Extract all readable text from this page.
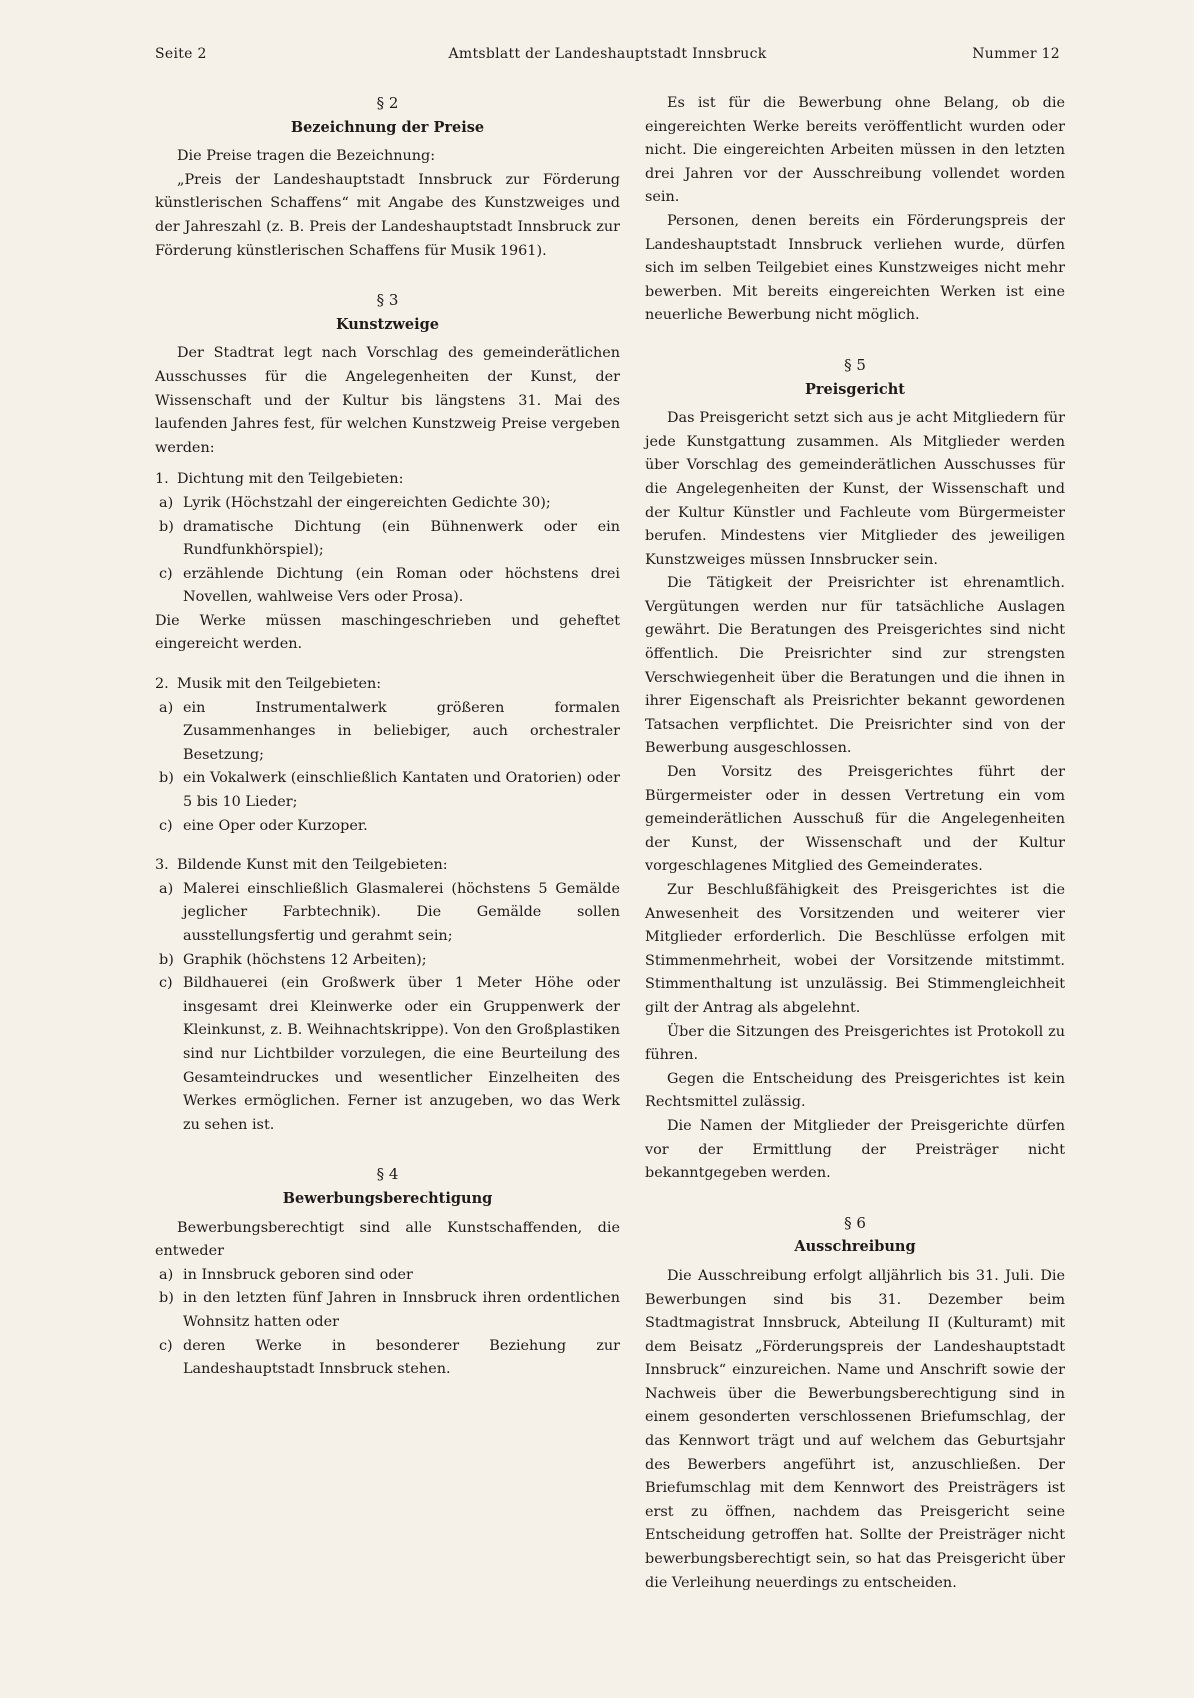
Seite 2	Amtsblatt der Landeshauptstadt Innsbruck	Nummer 12
§ 2
Bezeichnung der Preise

Die Preise tragen die Bezeichnung:

„Preis der Landeshauptstadt Innsbruck zur Förderung künstlerischen Schaffens“ mit Angabe des Kunstzweiges und der Jahreszahl (z. B. Preis der Landeshauptstadt Innsbruck zur Förderung künstlerischen Schaffens für Musik 1961).

§ 3
Kunstzweige

Der Stadtrat legt nach Vorschlag des gemeinderätlichen Ausschusses für die Angelegenheiten der Kunst, der Wissenschaft und der Kultur bis längstens 31. Mai des laufenden Jahres fest, für welchen Kunstzweig Preise vergeben werden:

1. Dichtung mit den Teilgebieten:
a) Lyrik (Höchstzahl der eingereichten Gedichte 30);
b) dramatische Dichtung (ein Bühnenwerk oder ein Rundfunkhörspiel);
c) erzählende Dichtung (ein Roman oder höchstens drei Novellen, wahlweise Vers oder Prosa).

Die Werke müssen maschingeschrieben und geheftet eingereicht werden.

2. Musik mit den Teilgebieten:
a) ein Instrumentalwerk größeren formalen Zusammenhanges in beliebiger, auch orchestraler Besetzung;
b) ein Vokalwerk (einschließlich Kantaten und Oratorien) oder 5 bis 10 Lieder;
c) eine Oper oder Kurzoper.
3. Bildende Kunst mit den Teilgebieten:
a) Malerei einschließlich Glasmalerei (höchstens 5 Gemälde jeglicher Farbtechnik). Die Gemälde sollen ausstellungsfertig und gerahmt sein;
b) Graphik (höchstens 12 Arbeiten);
c) Bildhauerei (ein Großwerk über 1 Meter Höhe oder insgesamt drei Kleinwerke oder ein Gruppenwerk der Kleinkunst, z. B. Weihnachtskrippe). Von den Großplastiken sind nur Lichtbilder vorzulegen, die eine Beurteilung des Gesamteindruckes und wesentlicher Einzelheiten des Werkes ermöglichen. Ferner ist anzugeben, wo das Werk zu sehen ist.
§ 4
Bewerbungsberechtigung

Bewerbungsberechtigt sind alle Kunstschaffenden, die entweder

a) in Innsbruck geboren sind oder
b) in den letzten fünf Jahren in Innsbruck ihren ordentlichen Wohnsitz hatten oder
c) deren Werke in besonderer Beziehung zur Landeshauptstadt Innsbruck stehen.

Es ist für die Bewerbung ohne Belang, ob die eingereichten Werke bereits veröffentlicht wurden oder nicht. Die eingereichten Arbeiten müssen in den letzten drei Jahren vor der Ausschreibung vollendet worden sein.

Personen, denen bereits ein Förderungspreis der Landeshauptstadt Innsbruck verliehen wurde, dürfen sich im selben Teilgebiet eines Kunstzweiges nicht mehr bewerben. Mit bereits eingereichten Werken ist eine neuerliche Bewerbung nicht möglich.

§ 5
Preisgericht

Das Preisgericht setzt sich aus je acht Mitgliedern für jede Kunstgattung zusammen. Als Mitglieder werden über Vorschlag des gemeinderätlichen Ausschusses für die Angelegenheiten der Kunst, der Wissenschaft und der Kultur Künstler und Fachleute vom Bürgermeister berufen. Mindestens vier Mitglieder des jeweiligen Kunstzweiges müssen Innsbrucker sein.

Die Tätigkeit der Preisrichter ist ehrenamtlich. Vergütungen werden nur für tatsächliche Auslagen gewährt. Die Beratungen des Preisgerichtes sind nicht öffentlich. Die Preisrichter sind zur strengsten Verschwiegenheit über die Beratungen und die ihnen in ihrer Eigenschaft als Preisrichter bekannt gewordenen Tatsachen verpflichtet. Die Preisrichter sind von der Bewerbung ausgeschlossen.

Den Vorsitz des Preisgerichtes führt der Bürgermeister oder in dessen Vertretung ein vom gemeinderätlichen Ausschuß für die Angelegenheiten der Kunst, der Wissenschaft und der Kultur vorgeschlagenes Mitglied des Gemeinderates.

Zur Beschlußfähigkeit des Preisgerichtes ist die Anwesenheit des Vorsitzenden und weiterer vier Mitglieder erforderlich. Die Beschlüsse erfolgen mit Stimmenmehrheit, wobei der Vorsitzende mitstimmt. Stimmenthaltung ist unzulässig. Bei Stimmengleichheit gilt der Antrag als abgelehnt.

Über die Sitzungen des Preisgerichtes ist Protokoll zu führen.

Gegen die Entscheidung des Preisgerichtes ist kein Rechtsmittel zulässig.

Die Namen der Mitglieder der Preisgerichte dürfen vor der Ermittlung der Preisträger nicht bekanntgegeben werden.

§ 6
Ausschreibung

Die Ausschreibung erfolgt alljährlich bis 31. Juli. Die Bewerbungen sind bis 31. Dezember beim Stadtmagistrat Innsbruck, Abteilung II (Kulturamt) mit dem Beisatz „Förderungspreis der Landeshauptstadt Innsbruck“ einzureichen. Name und Anschrift sowie der Nachweis über die Bewerbungsberechtigung sind in einem gesonderten verschlossenen Briefumschlag, der das Kennwort trägt und auf welchem das Geburtsjahr des Bewerbers angeführt ist, anzuschließen. Der Briefumschlag mit dem Kennwort des Preisträgers ist erst zu öffnen, nachdem das Preisgericht seine Entscheidung getroffen hat. Sollte der Preisträger nicht bewerbungsberechtigt sein, so hat das Preisgericht über die Verleihung neuerdings zu entscheiden.
